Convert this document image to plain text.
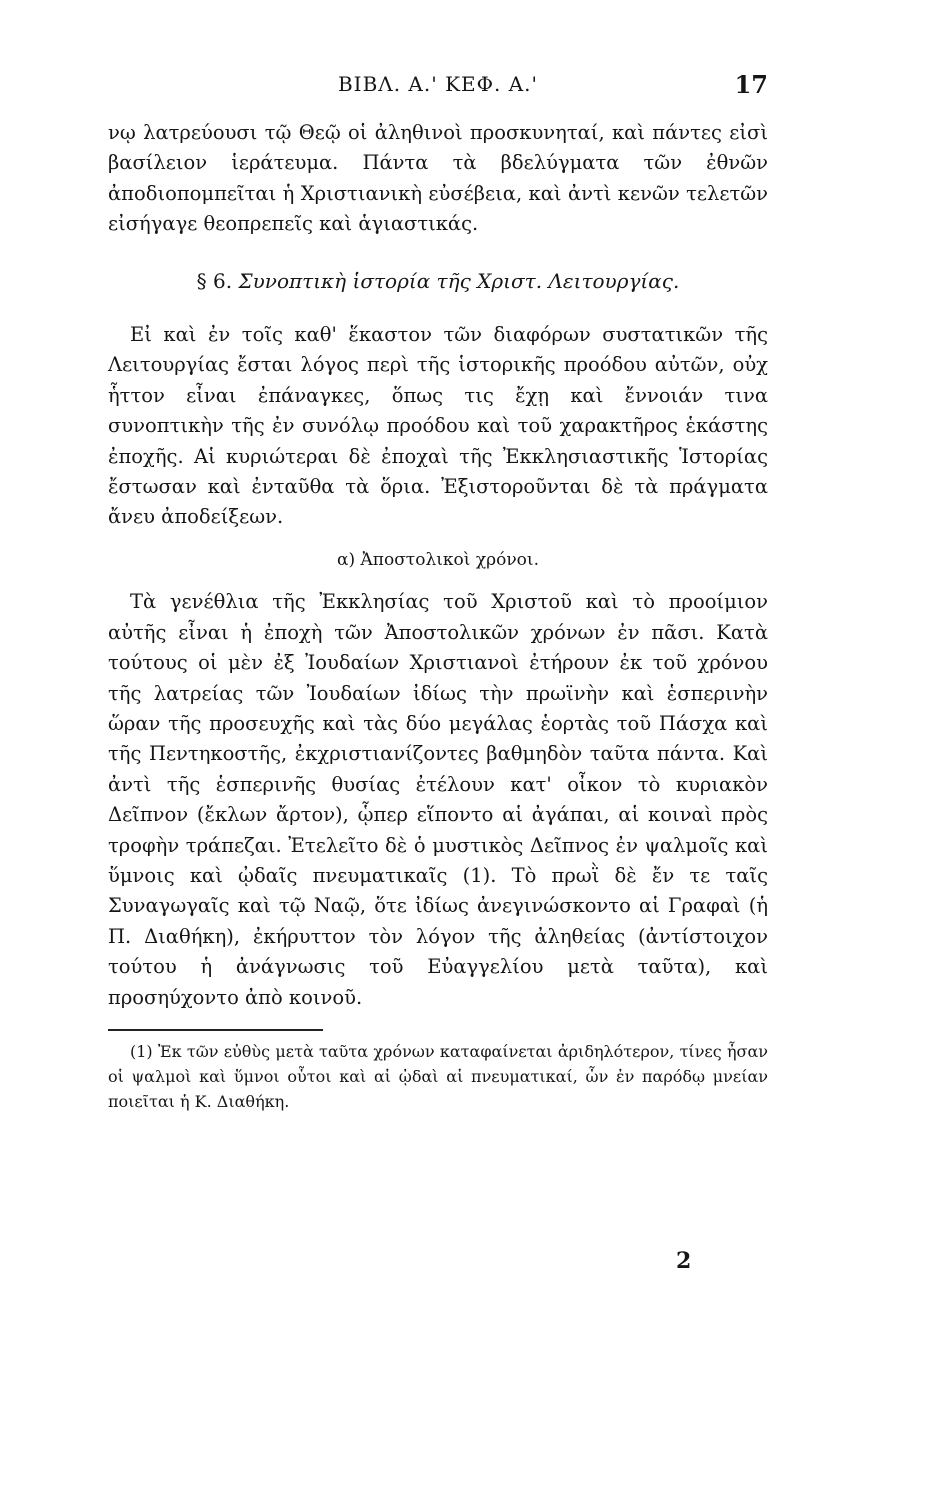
ΒΙΒΛ. Α.' ΚΕΦ. Α.'	17

νῳ λατρεύουσι τῷ Θεῷ οἱ ἀληθινοὶ προσκυνηταί, καὶ πάντες εἰσὶ βασίλειον ἱεράτευμα. Πάντα τὰ βδελύγματα τῶν ἐθνῶν ἀποδιοπομπεῖται ἡ Χριστιανικὴ εὐσέβεια, καὶ ἀντὶ κενῶν τελετῶν εἰσήγαγε θεοπρεπεῖς καὶ ἁγιαστικάς.

§ 6. Συνοπτικὴ ἱστορία τῆς Χριστ. Λειτουργίας.

Εἰ καὶ ἐν τοῖς καθ' ἕκαστον τῶν διαφόρων συστατικῶν τῆς Λειτουργίας ἔσται λόγος περὶ τῆς ἱστορικῆς προόδου αὐτῶν, οὐχ ἧττον εἶναι ἐπάναγκες, ὅπως τις ἔχῃ καὶ ἔννοιάν τινα συνοπτικὴν τῆς ἐν συνόλῳ προόδου καὶ τοῦ χαρακτῆρος ἑκάστης ἐποχῆς. Αἱ κυριώτεραι δὲ ἐποχαὶ τῆς Ἐκκλησιαστικῆς Ἱστορίας ἔστωσαν καὶ ἐνταῦθα τὰ ὅρια. Ἐξιστοροῦνται δὲ τὰ πράγματα ἄνευ ἀποδείξεων.

α) Ἀποστολικοὶ χρόνοι.

Τὰ γενέθλια τῆς Ἐκκλησίας τοῦ Χριστοῦ καὶ τὸ προοίμιον αὐτῆς εἶναι ἡ ἐποχὴ τῶν Ἀποστολικῶν χρόνων ἐν πᾶσι. Κατὰ τούτους οἱ μὲν ἐξ Ἰουδαίων Χριστιανοὶ ἐτήρουν ἐκ τοῦ χρόνου τῆς λατρείας τῶν Ἰουδαίων ἰδίως τὴν πρωϊνὴν καὶ ἑσπερινὴν ὥραν τῆς προσευχῆς καὶ τὰς δύο μεγάλας ἑορτὰς τοῦ Πάσχα καὶ τῆς Πεντηκοστῆς, ἐκχριστιανίζοντες βαθμηδὸν ταῦτα πάντα. Καὶ ἀντὶ τῆς ἑσπερινῆς θυσίας ἐτέλουν κατ' οἶκον τὸ κυριακὸν Δεῖπνον (ἔκλων ἄρτον), ᾧπερ εἵποντο αἱ ἀγάπαι, αἱ κοιναὶ πρὸς τροφὴν τράπεζαι. Ἐτελεῖτο δὲ ὁ μυστικὸς Δεῖπνος ἐν ψαλμοῖς καὶ ὕμνοις καὶ ᾠδαῖς πνευματικαῖς (1). Τὸ πρωῒ δὲ ἔν τε ταῖς Συναγωγαῖς καὶ τῷ Ναῷ, ὅτε ἰδίως ἀνεγινώσκοντο αἱ Γραφαὶ (ἡ Π. Διαθήκη), ἐκήρυττον τὸν λόγον τῆς ἀληθείας (ἀντίστοιχον τούτου ἡ ἀνάγνωσις τοῦ Εὐαγγελίου μετὰ ταῦτα), καὶ προσηύχοντο ἀπὸ κοινοῦ.

(1) Ἐκ τῶν εὐθὺς μετὰ ταῦτα χρόνων καταφαίνεται ἀριδηλότερον, τίνες ἦσαν οἱ ψαλμοὶ καὶ ὕμνοι οὗτοι καὶ αἱ ᾠδαὶ αἱ πνευματικαί, ὧν ἐν παρόδῳ μνείαν ποιεῖται ἡ Κ. Διαθήκη.

2
